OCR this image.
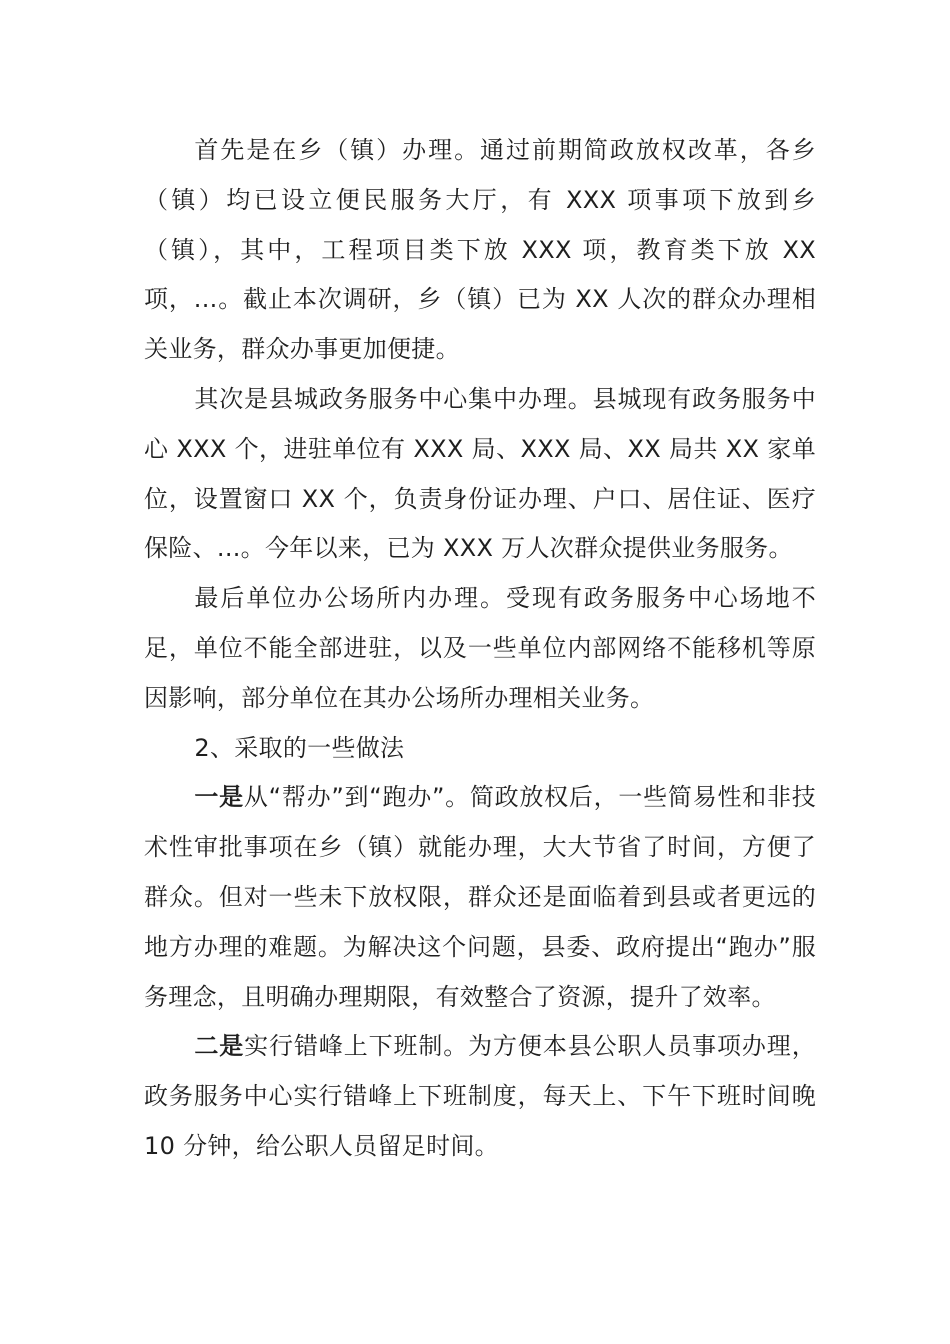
首先是在乡（镇）办理。通过前期简政放权改革，各乡（镇）均已设立便民服务大厅，有 XXX 项事项下放到乡（镇），其中，工程项目类下放 XXX 项，教育类下放 XX 项，...。截止本次调研，乡（镇）已为 XX 人次的群众办理相关业务，群众办事更加便捷。

其次是县城政务服务中心集中办理。县城现有政务服务中心 XXX 个，进驻单位有 XXX 局、XXX 局、XX 局共 XX 家单位，设置窗口 XX 个，负责身份证办理、户口、居住证、医疗保险、...。今年以来，已为 XXX 万人次群众提供业务服务。

最后单位办公场所内办理。受现有政务服务中心场地不足，单位不能全部进驻，以及一些单位内部网络不能移机等原因影响，部分单位在其办公场所办理相关业务。

2、采取的一些做法

一是从“帮办”到“跑办”。简政放权后，一些简易性和非技术性审批事项在乡（镇）就能办理，大大节省了时间，方便了群众。但对一些未下放权限，群众还是面临着到县或者更远的地方办理的难题。为解决这个问题，县委、政府提出“跑办”服务理念，且明确办理期限，有效整合了资源，提升了效率。

二是实行错峰上下班制。为方便本县公职人员事项办理，政务服务中心实行错峰上下班制度，每天上、下午下班时间晚 10 分钟，给公职人员留足时间。
